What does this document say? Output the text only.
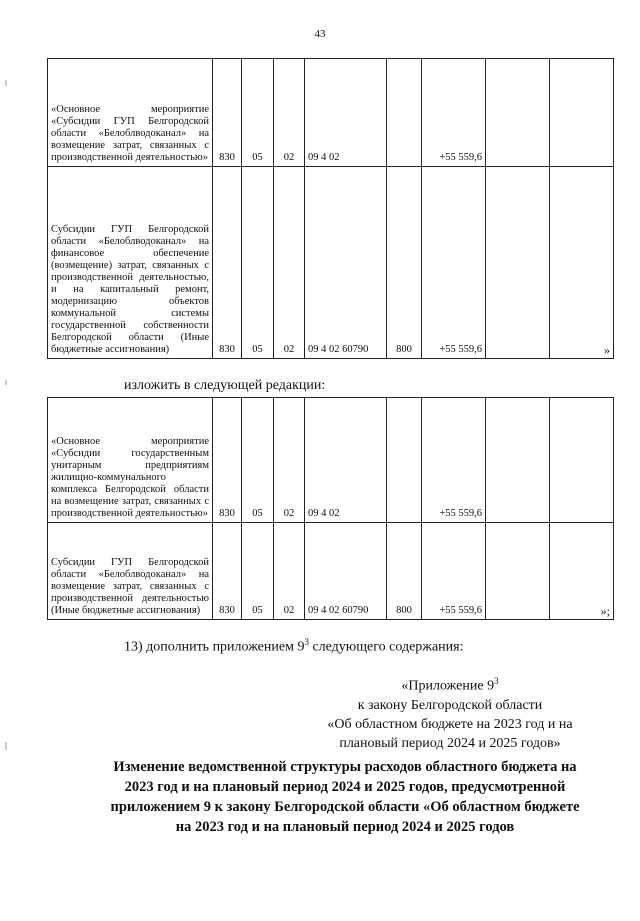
43
«Основное мероприятие «Субсидии ГУП Белгородской области «Белоблводоканал» на возмещение затрат, связанных с производственной деятельностью»	830	05	02	09 4 02		+55 559,6		
Субсидии ГУП Белгородской области «Белоблводоканал» на финансовое обеспечение (возмещение) затрат, связанных с производственной деятельностью, и на капитальный ремонт, модернизацию объектов коммунальной системы государственной собственности Белгородской области (Иные бюджетные ассигнования)	830	05	02	09 4 02 60790	800	+55 559,6		»
изложить в следующей редакции:
«Основное мероприятие «Субсидии государственным унитарным предприятиям жилищно-коммунального комплекса Белгородской области на возмещение затрат, связанных с производственной деятельностью»	830	05	02	09 4 02		+55 559,6		
Субсидии ГУП Белгородской области «Белоблводоканал» на возмещение затрат, связанных с производственной деятельностью (Иные бюджетные ассигнования)	830	05	02	09 4 02 60790	800	+55 559,6		»;
13) дополнить приложением $9^3$ следующего содержания:
«Приложение $9^3$
к закону Белгородской области
«Об областном бюджете на 2023 год и на
плановый период 2024 и 2025 годов»
Изменение ведомственной структуры расходов областного бюджета на
2023 год и на плановый период 2024 и 2025 годов, предусмотренной
приложением 9 к закону Белгородской области «Об областном бюджете
на 2023 год и на плановый период 2024 и 2025 годов
